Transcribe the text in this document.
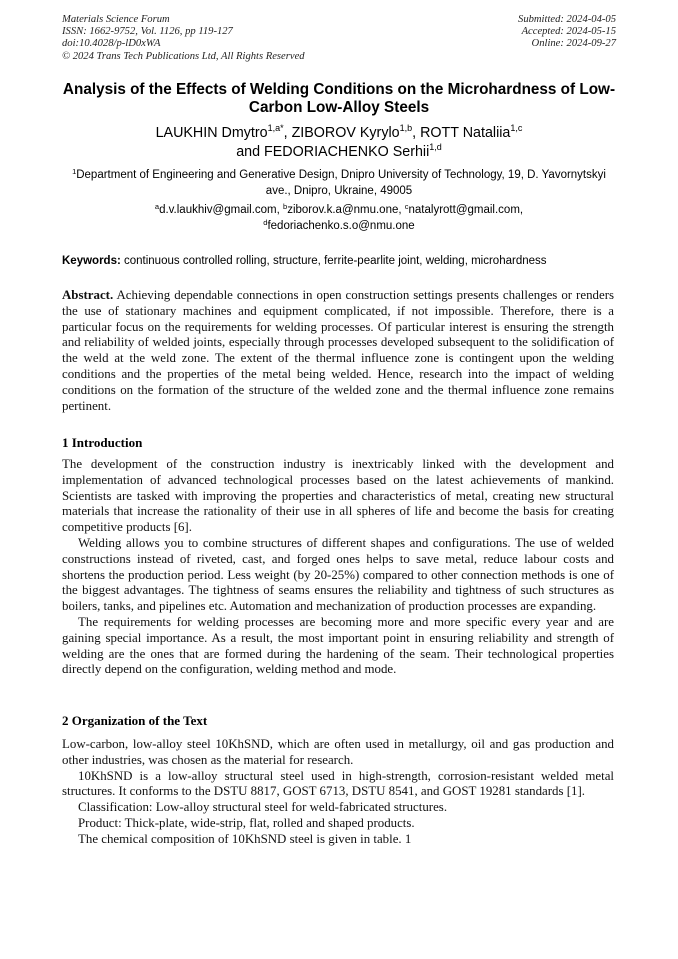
Materials Science Forum
ISSN: 1662-9752, Vol. 1126, pp 119-127
doi:10.4028/p-lD0xWA
© 2024 Trans Tech Publications Ltd, All Rights Reserved
Submitted: 2024-04-05
Accepted: 2024-05-15
Online: 2024-09-27
Analysis of the Effects of Welding Conditions on the Microhardness of Low-Carbon Low-Alloy Steels
LAUKHIN Dmytro$^{1,a*}$, ZIBOROV Kyrylo$^{1,b}$, ROTT Nataliia$^{1,c}$
and FEDORIACHENKO Serhii$^{1,d}$
$^1$Department of Engineering and Generative Design, Dnipro University of Technology, 19, D. Yavornytskyi ave., Dnipro, Ukraine, 49005
$^a$d.v.laukhiv@gmail.com, $^b$ziborov.k.a@nmu.one, $^c$natalyrott@gmail.com,
$^d$fedoriachenko.s.o@nmu.one
Keywords: continuous controlled rolling, structure, ferrite-pearlite joint, welding, microhardness

Abstract. Achieving dependable connections in open construction settings presents challenges or renders the use of stationary machines and equipment complicated, if not impossible. Therefore, there is a particular focus on the requirements for welding processes. Of particular interest is ensuring the strength and reliability of welded joints, especially through processes developed subsequent to the solidification of the weld at the weld zone. The extent of the thermal influence zone is contingent upon the welding conditions and the properties of the metal being welded. Hence, research into the impact of welding conditions on the formation of the structure of the welded zone and the thermal influence zone remains pertinent.

1 Introduction

The development of the construction industry is inextricably linked with the development and implementation of advanced technological processes based on the latest achievements of mankind. Scientists are tasked with improving the properties and characteristics of metal, creating new structural materials that increase the rationality of their use in all spheres of life and become the basis for creating competitive products [6].

Welding allows you to combine structures of different shapes and configurations. The use of welded constructions instead of riveted, cast, and forged ones helps to save metal, reduce labour costs and shortens the production period. Less weight (by 20-25%) compared to other connection methods is one of the biggest advantages. The tightness of seams ensures the reliability and tightness of such structures as boilers, tanks, and pipelines etc. Automation and mechanization of production processes are expanding.

The requirements for welding processes are becoming more and more specific every year and are gaining special importance. As a result, the most important point in ensuring reliability and strength of welding are the ones that are formed during the hardening of the seam. Their technological properties directly depend on the configuration, welding method and mode.

2 Organization of the Text

Low-carbon, low-alloy steel 10KhSND, which are often used in metallurgy, oil and gas production and other industries, was chosen as the material for research.

10KhSND is a low-alloy structural steel used in high-strength, corrosion-resistant welded metal structures. It conforms to the DSTU 8817, GOST 6713, DSTU 8541, and GOST 19281 standards [1].

Classification: Low-alloy structural steel for weld-fabricated structures.

Product: Thick-plate, wide-strip, flat, rolled and shaped products.

The chemical composition of 10KhSND steel is given in table. 1
